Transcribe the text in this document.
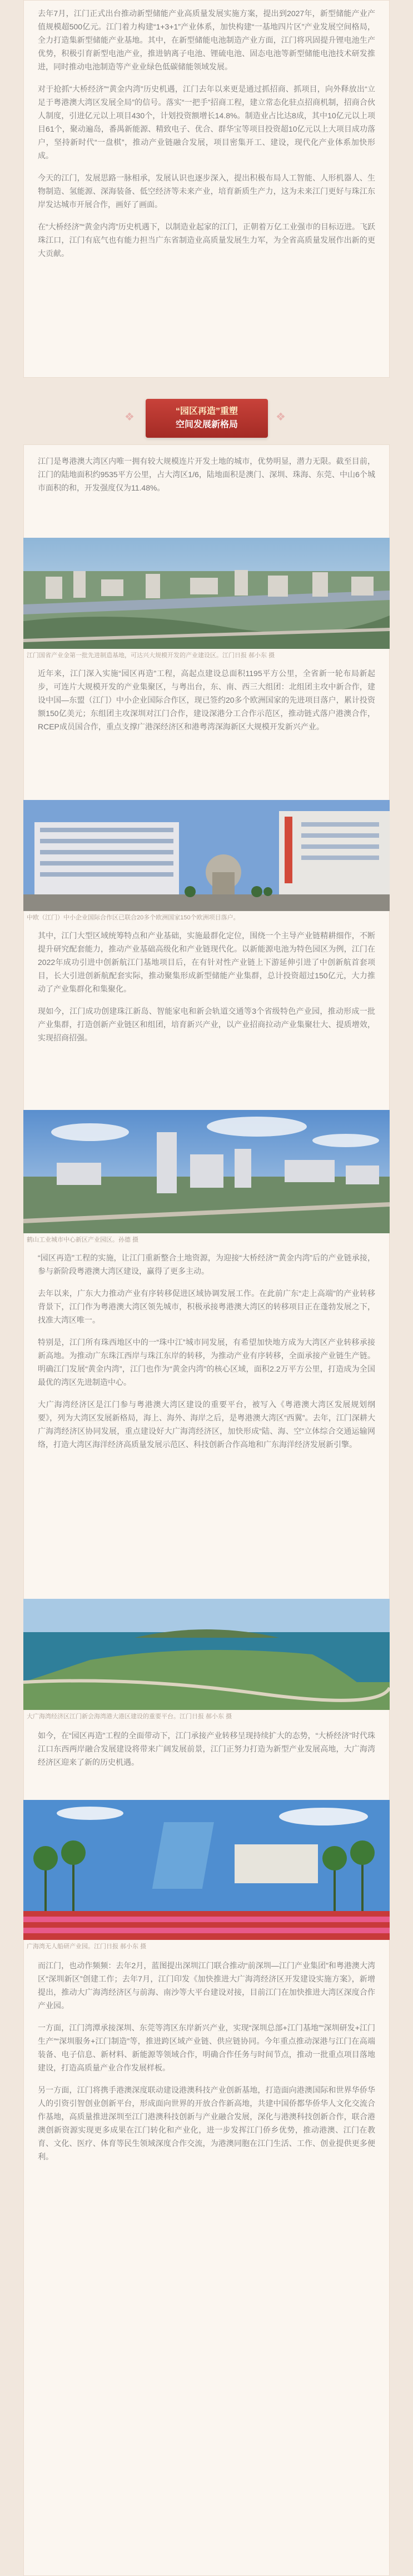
去年7月，江门正式出台推动新型储能产业高质量发展实施方案，提出到2027年，新型储能产业产值规模超500亿元。江门着力构建“1+3+1”产业体系，加快构建“一基地四片区”产业发展空间格局，全力打造集新型储能产业基地。其中，在新型储能电池制造产业方面，江门将巩固提升锂电池生产优势，积极引育新型电池产业，推进钠离子电池、锂硫电池、固态电池等新型储能电池技术研发推进，同时推动电池制造等产业业绿色低碳储能领域发展。

对于抢抓“大桥经济”“黄金内湾”历史机遇，江门去年以来更是通过抓招商、抓项目，向外释放出“立足于粤港澳大湾区发展全局”的信号。落实“一把手”招商工程，建立常态化驻点招商机制，招商合伙人制度，引进亿元以上项目430个，计划投资额增长14.8%。制造业占比达8成，其中10亿元以上项目61个，聚动遍岛，番禺新能源、精致电子、优合、群华宝等项目投资超10亿元以上大项目成功落户，坚持新时代“一盘棋”，推动产业链融合发展，项目密集开工、建设，现代化产业体系加快形成。

今天的江门，发展思路一脉相承，发展认识也逐步深入，提出积极布局人工智能、人形机器人、生物制造、氢能源、深海装备、低空经济等未来产业，培育新质生产力，这为未来江门更好与珠江东岸发达城市开展合作，画好了画面。

在“大桥经济”“黄金内湾”历史机遇下，以制造业起家的江门，正朝着万亿工业强市的目标迈进。飞跃珠江口，江门有底气也有能力担当广东省制造业高质量发展生力军，为全省高质量发展作出新的更大贡献。

❖	“园区再造”重塑
空间发展新格局
❖

江门是粤港澳大湾区内唯一拥有较大规模连片开发土地的城市，优势明显，潜力无限。截至目前，江门的陆地面积约9535平方公里，占大湾区1/6，陆地面积是澳门、深圳、珠海、东莞、中山6个城市面积的和，开发强度仅为11.48%。

江门国省产业金第一批先进制造基地，可达兴大规模开发的产业建设区。江门日报 郝小东 摄

近年来，江门深入实施“园区再造”工程，高起点建设总面积1195平方公里，全省新一轮布局新起步，可连片大规模开发的产业集聚区，与粤出台，东、南、西三大组团：北组团主攻中新合作，建设中国—东盟（江门）中小企业国际合作区，现已签约20多个欧洲国家的先进项目落户，累计投资额150亿美元；东组团主攻深圳对江门合作，建设深港分工合作示范区，推动链式落户港澳合作，RCEP成员国合作，重点支撑广港深经济区和港粤湾深海新区大规模开发新兴产业。

中欧（江门）中小企业国际合作区已联合20多个欧洲国家150个欧洲项目落户。

其中，江门大型区域统筹特点和产业基础，实施最群化定位，围绕一个主导产业链精耕细作，不断提升研究配套能力，推动产业基础高级化和产业链现代化。以新能源电池为特色园区为例，江门在2022年成功引进中创新航江门基地项目后，在有针对性产业链上下游延伸引进了中创新航首套项目，长大引进创新航配套实际，推动聚集形成新型储能产业集群，总计投资超过150亿元，大力推动了产业集群化和集聚化。

现如今，江门成功创建珠江新岛、智能家电和新会轨道交通等3个省级特色产业园，推动形成一批产业集群，打造创新产业链区和组团，培育新兴产业，以产业招商拉动产业集聚壮大、提质增效，实现招商招强。

鹤山工业城市中心新区产业园区。孙德 摄

“园区再造”工程的实施，让江门重新整合土地资源，为迎接“大桥经济”“黄金内湾”后的产业链承接，参与新阶段粤港澳大湾区建设，赢得了更多主动。

去年以来，广东大力推动产业有序转移促进区域协调发展工作。在此前广东“走上高端”的产业转移背景下，江门作为粤港澳大湾区领先城市，积极承接粤港澳大湾区的转移项目正在蓬勃发展之下，找准大湾区唯一。

特别是，江门所有珠西地区中的一“珠中江”城市同发展，有希望加快地方成为大湾区产业转移承接新高地。为推动广东珠江西岸与珠江东岸的转移，为推动产业有序转移，全面承接产业链生产链。明确江门发展“黄金内湾”，江门也作为“黄金内湾”的核心区域，面积2.2万平方公里，打造成为全国最优的湾区先进制造中心。

大广海湾经济区是江门参与粤港澳大湾区建设的重要平台，被写入《粤港澳大湾区发展规划纲要》，列为大湾区发展新格局，海上、海外、海岸之后，是粤港澳大湾区“西翼”。去年，江门深耕大广海湾经济区协同发展，重点建设好大广海湾经济区，加快形成“陆、海、空”立体综合交通运输网络，打造大湾区海洋经济高质量发展示范区、科技创新合作高地和广东海洋经济发展新引擎。

大广海湾经济区江门新会海湾港大港区建设的重要平台。江门日报 郝小东 摄

如今，在“园区再造”工程的全面带动下，江门承接产业转移呈现持续扩大的态势，“大桥经济”时代珠江口东西两岸融合发展建设将带来广阔发展前景，江门正努力打造为新型产业发展高地，大广海湾经济区迎来了新的历史机遇。

广海湾无人船研产业园。江门日报 郝小东 摄

而江门，也动作频频：去年2月，蓝图提出深圳江门联合推动“前深圳—江门产业集团”和粤港澳大湾区“深圳新区”创建工作；去年7月，江门印发《加快推进大广海湾经济区开发建设实施方案》，新增提出，推动大广海湾经济区与前海、南沙等大平台建设对接，目前江门在加快推进大湾区深度合作产业园。

一方面，江门湾潭承接深圳、东莞等湾区东岸新兴产业，实现“深圳总部+江门基地”“深圳研发+江门生产”“深圳服务+江门制造”等，推进跨区域产业链、供应链协同。今年重点推动深港与江门在高端装备、电子信息、新材料、新能源等领域合作，明确合作任务与时间节点，推动一批重点项目落地建设，打造高质量产业合作发展样板。

另一方面，江门将携手港澳深度联动建设港澳科技产业创新基地，打造面向港澳国际和世界华侨华人的引资引智创业创新平台，形成面向世界的开放合作新高地，共建中国侨都华侨华人文化交流合作基地，高质量推进深圳至江门港澳科技创新与产业融合发展，深化与港澳科技创新合作，联合港澳创新资源实现更多成果在江门转化和产业化，进一步发挥江门侨乡优势，推动港澳、江门在教育、文化、医疗、体育等民生领域深度合作交流，为港澳同胞在江门生活、工作、创业提供更多便利。
